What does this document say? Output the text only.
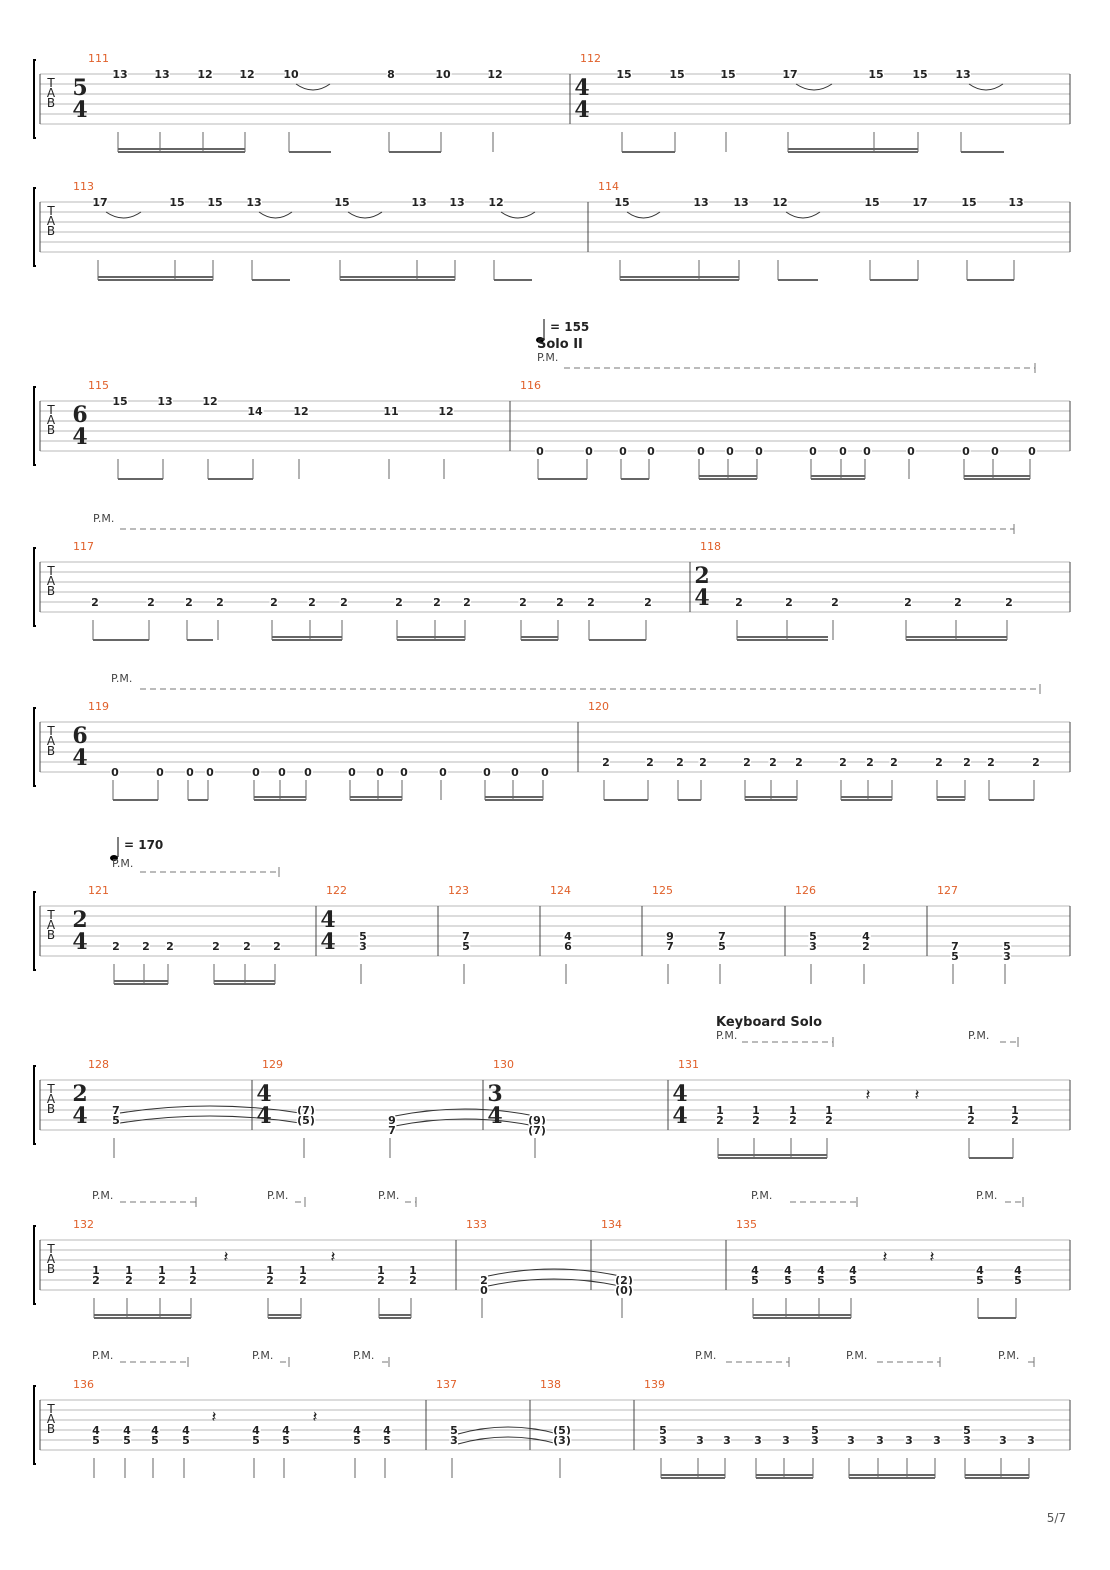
T
A
B
111
5
4
13 13	12 12	10	8	10	12
112
4
4
15	15	15	17	15	15	13
T
A
B
113
17	15 15 13	15	13 13 12
114
15	13 13 12	15	17	15	13
T
A
B
115
6
4
15	13	12
14	12	11	12
116
0	0 0 0	0 0 0	0 0 0	0	0 0	0
= 155
Solo II
T
A
B
117
2	2	2 2	2	2 2	2	2 2	2	2 2	2
118
2
4 2	2	2	2	2	2
T
A
B
119
6
4
0	0 0 0	0 0 0	0 0 0	0	0 0 0
120
2	2 2 2	2 2 2	2 2 2	2 2 2	2
T
A
B
121
2
4 2 2 2	2 2 2
122
4
4 5
3
123
7
5
124
4
6
125
9
7
7
5
126
5
3
4
2
127
7
5
5
3
= 170
T
A
B
128
2
4 7
5
129
4
4 (7)
(5)	9
7
130
3
4 (9)
(7)
131
4
4	1
2
1
2
1
2
1
2
1
2
1
2
Keyboard Solo
T
A
B
132
1
2
1
2
1
2
1
2
1
2
1
2
1
2
1
2
133
2
0
134
(2)
(0)
135
4
5
4
5
4
5
4
5
4
5
4
5
T
A
B
136
4
5
4
5
4
5
4
5
4
5
4
5
4
5
4
5
137
5
3
138
(5)
(3)
139
5
3	3 3 3 3
5
3	3 3 3 3
5
3	3 3
P.M.
P.M.
P.M.
P.M.
P.M.
P.M.
P.M.
P.M.
P.M.	P.M.	P.M.	P.M.
P.M.	P.M.	P.M.	P.M.	P.M.
𝄽	𝄽
𝄽	𝄽	𝄽	𝄽
𝄽	𝄽
5/7
